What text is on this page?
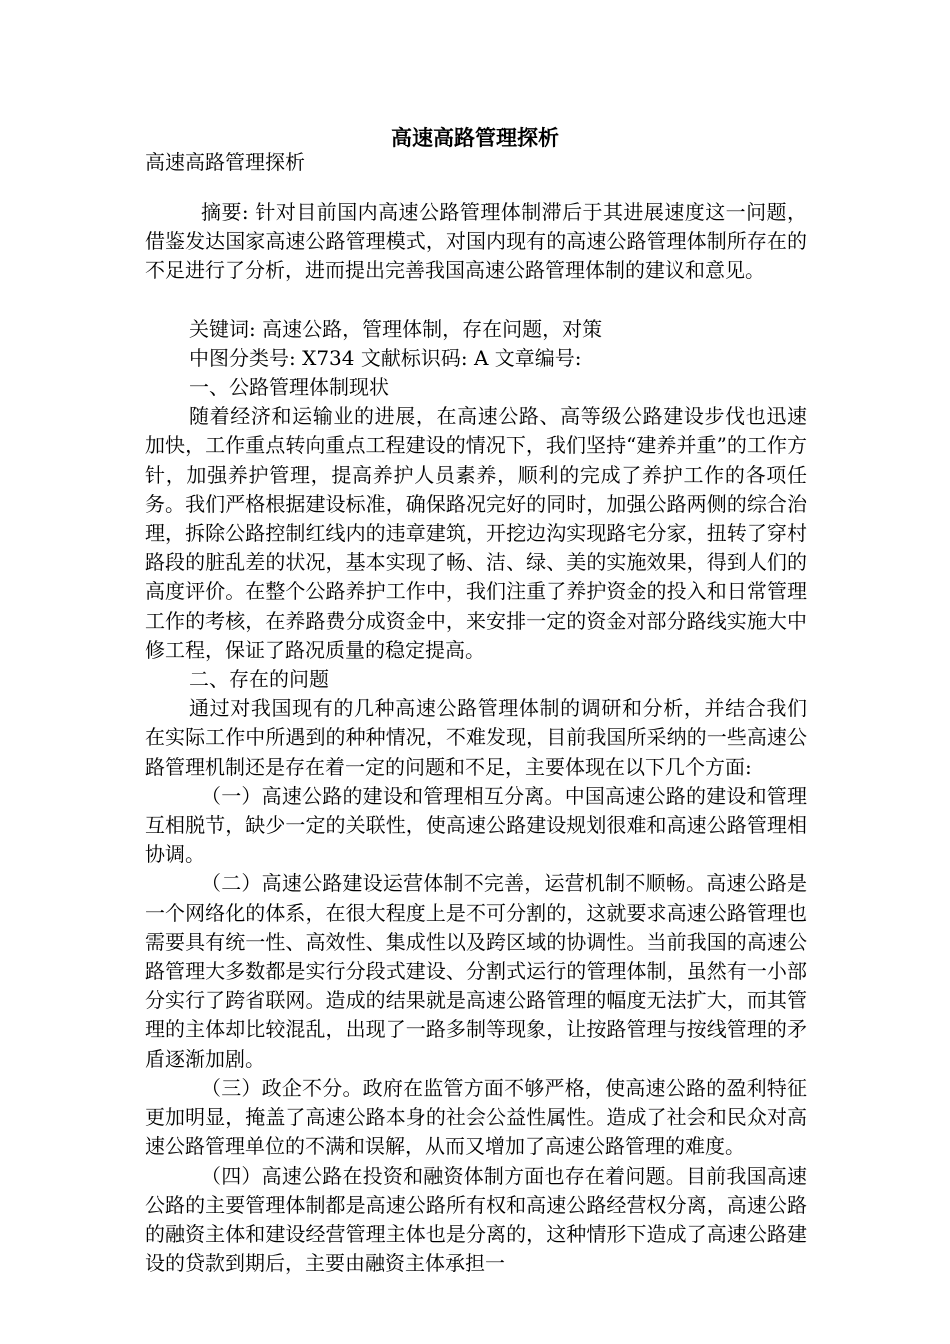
高速高路管理探析
高速高路管理探析

摘要: 针对目前国内高速公路管理体制滞后于其进展速度这一问题，借鉴发达国家高速公路管理模式，对国内现有的高速公路管理体制所存在的不足进行了分析，进而提出完善我国高速公路管理体制的建议和意见。

关键词: 高速公路，管理体制，存在问题，对策

中图分类号: X734 文献标识码: A 文章编号:

一、公路管理体制现状

随着经济和运输业的进展，在高速公路、高等级公路建设步伐也迅速加快，工作重点转向重点工程建设的情况下，我们坚持“建养并重”的工作方针，加强养护管理，提高养护人员素养，顺利的完成了养护工作的各项任务。我们严格根据建设标准，确保路况完好的同时，加强公路两侧的综合治理，拆除公路控制红线内的违章建筑，开挖边沟实现路宅分家，扭转了穿村路段的脏乱差的状况，基本实现了畅、洁、绿、美的实施效果，得到人们的高度评价。在整个公路养护工作中，我们注重了养护资金的投入和日常管理工作的考核，在养路费分成资金中，来安排一定的资金对部分路线实施大中修工程，保证了路况质量的稳定提高。

二、存在的问题

通过对我国现有的几种高速公路管理体制的调研和分析，并结合我们在实际工作中所遇到的种种情况，不难发现，目前我国所采纳的一些高速公路管理机制还是存在着一定的问题和不足，主要体现在以下几个方面:

（一）高速公路的建设和管理相互分离。中国高速公路的建设和管理互相脱节，缺少一定的关联性，使高速公路建设规划很难和高速公路管理相协调。

（二）高速公路建设运营体制不完善，运营机制不顺畅。高速公路是一个网络化的体系，在很大程度上是不可分割的，这就要求高速公路管理也需要具有统一性、高效性、集成性以及跨区域的协调性。当前我国的高速公路管理大多数都是实行分段式建设、分割式运行的管理体制，虽然有一小部分实行了跨省联网。造成的结果就是高速公路管理的幅度无法扩大，而其管理的主体却比较混乱，出现了一路多制等现象，让按路管理与按线管理的矛盾逐渐加剧。

（三）政企不分。政府在监管方面不够严格，使高速公路的盈利特征更加明显，掩盖了高速公路本身的社会公益性属性。造成了社会和民众对高速公路管理单位的不满和误解，从而又增加了高速公路管理的难度。

（四）高速公路在投资和融资体制方面也存在着问题。目前我国高速公路的主要管理体制都是高速公路所有权和高速公路经营权分离，高速公路的融资主体和建设经营管理主体也是分离的，这种情形下造成了高速公路建设的贷款到期后，主要由融资主体承担一
